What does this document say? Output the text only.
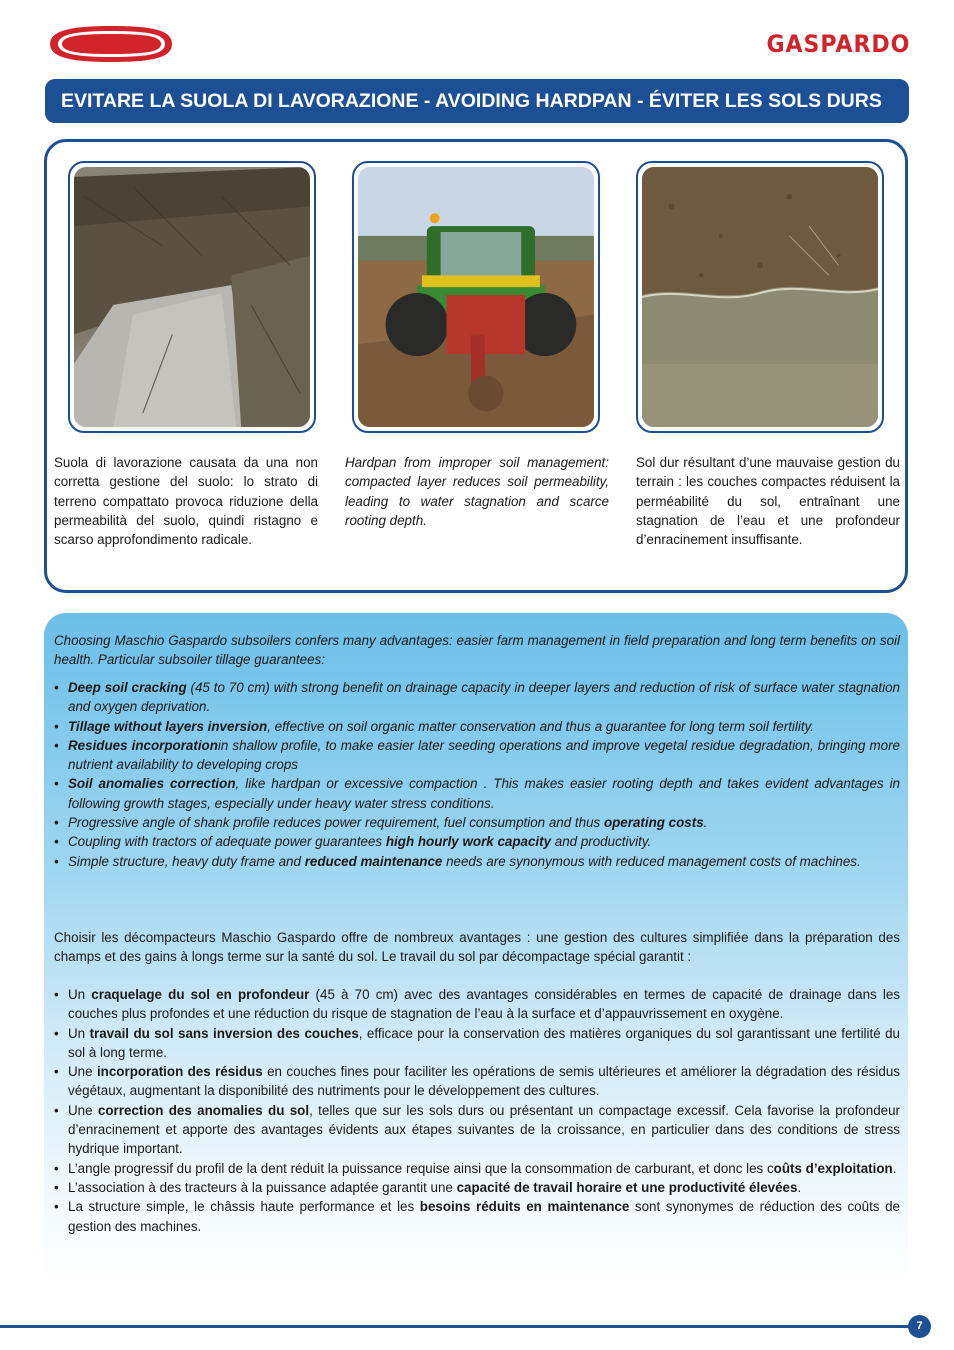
GASPARDO
EVITARE LA SUOLA DI LAVORAZIONE - AVOIDING HARDPAN - ÉVITER LES SOLS DURS
Suola di lavorazione causata da una non corretta gestione del suolo: lo strato di terreno compattato provoca riduzione della permeabilità del suolo, quindi ristagno e scarso approfondimento radicale.
Hardpan from improper soil management: compacted layer reduces soil permeability, leading to water stagnation and scarce rooting depth.
Sol dur résultant d’une mauvaise gestion du terrain : les couches compactes réduisent la perméabilité du sol, entraînant une stagnation de l’eau et une profondeur d’enracinement insuffisante.
Choosing Maschio Gaspardo subsoilers confers many advantages: easier farm management in field preparation and long term benefits on soil health. Particular subsoiler tillage guarantees:
• Deep soil cracking (45 to 70 cm) with strong benefit on drainage capacity in deeper layers and reduction of risk of surface water stagnation and oxygen deprivation.
• Tillage without layers inversion, effective on soil organic matter conservation and thus a guarantee for long term soil fertility.
• Residues incorporationin shallow profile, to make easier later seeding operations and improve vegetal residue degradation, bringing more nutrient availability to developing crops
• Soil anomalies correction, like hardpan or excessive compaction . This makes easier rooting depth and takes evident advantages in following growth stages, especially under heavy water stress conditions.
• Progressive angle of shank profile reduces power requirement, fuel consumption and thus operating costs.
• Coupling with tractors of adequate power guarantees high hourly work capacity and productivity.
• Simple structure, heavy duty frame and reduced maintenance needs are synonymous with reduced management costs of machines.
Choisir les décompacteurs Maschio Gaspardo offre de nombreux avantages : une gestion des cultures simplifiée dans la préparation des champs et des gains à longs terme sur la santé du sol. Le travail du sol par décompactage spécial garantit :
• Un craquelage du sol en profondeur (45 à 70 cm) avec des avantages considérables en termes de capacité de drainage dans les couches plus profondes et une réduction du risque de stagnation de l’eau à la surface et d’appauvrissement en oxygène.
• Un travail du sol sans inversion des couches, efficace pour la conservation des matières organiques du sol garantissant une fertilité du sol à long terme.
• Une incorporation des résidus en couches fines pour faciliter les opérations de semis ultérieures et améliorer la dégradation des résidus végétaux, augmentant la disponibilité des nutriments pour le développement des cultures.
• Une correction des anomalies du sol, telles que sur les sols durs ou présentant un compactage excessif. Cela favorise la profondeur d’enracinement et apporte des avantages évidents aux étapes suivantes de la croissance, en particulier dans des conditions de stress hydrique important.
• L’angle progressif du profil de la dent réduit la puissance requise ainsi que la consommation de carburant, et donc les coûts d’exploitation.
• L’association à des tracteurs à la puissance adaptée garantit une capacité de travail horaire et une productivité élevées.
• La structure simple, le châssis haute performance et les besoins réduits en maintenance sont synonymes de réduction des coûts de gestion des machines.
7
